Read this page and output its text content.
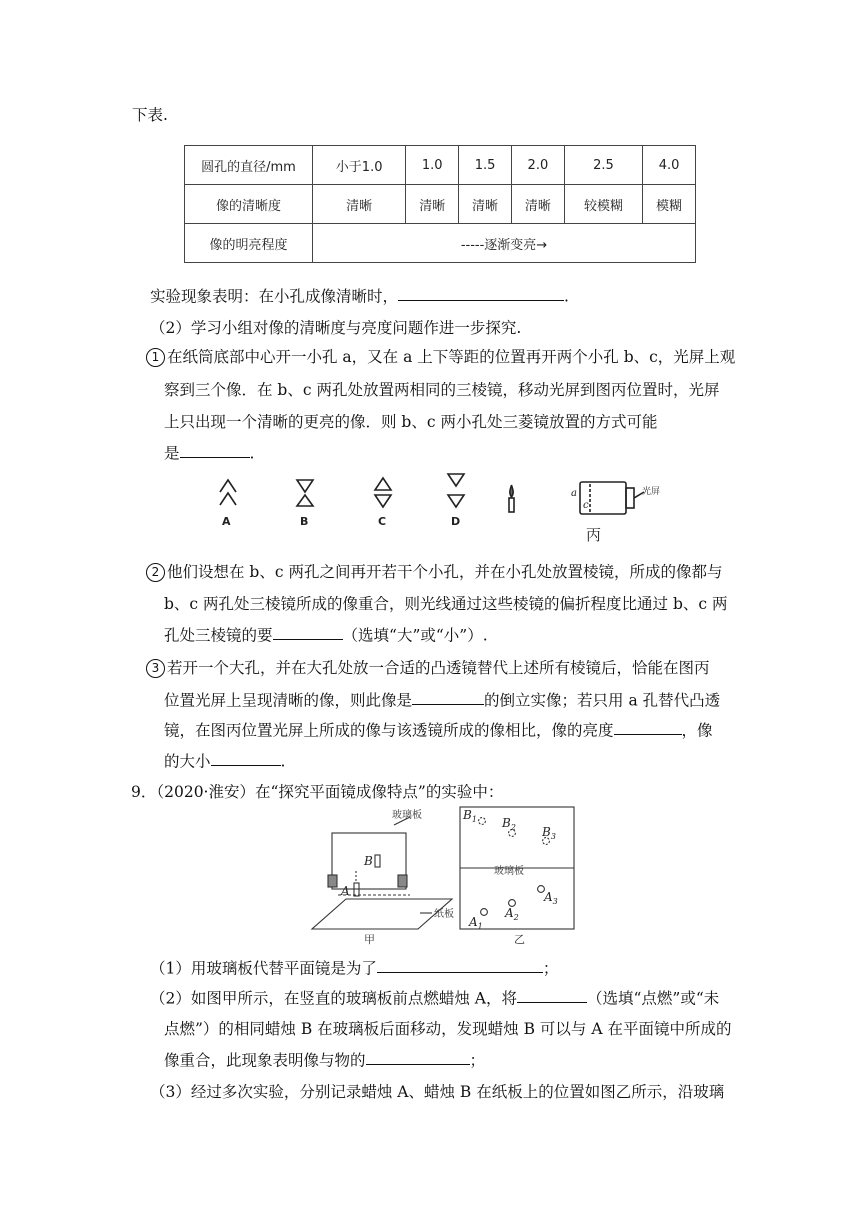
下表.
圆孔的直径/mm	小于1.0	1.0	1.5	2.0	2.5	4.0
像的清晰度	清晰	清晰	清晰	清晰	较模糊	模糊
像的明亮程度	-----逐渐变亮→					
实验现象表明：在小孔成像清晰时，	.
（2）学习小组对像的清晰度与亮度问题作进一步探究.
1 在纸筒底部中心开一小孔 a，又在 a 上下等距的位置再开两个小孔 b、c，光屏上观
察到三个像．在 b、c 两孔处放置两相同的三棱镜，移动光屏到图丙位置时，光屏
上只出现一个清晰的更亮的像．则 b、c 两小孔处三菱镜放置的方式可能
是	.
A	B	C	D
a
c
光屏
丙
2 他们设想在 b、c 两孔之间再开若干个小孔，并在小孔处放置棱镜，所成的像都与
b、c 两孔处三棱镜所成的像重合，则光线通过这些棱镜的偏折程度比通过 b、c 两
孔处三棱镜的要	（选填“大”或“小”）.
3 若开一个大孔，并在大孔处放一合适的凸透镜替代上述所有棱镜后，恰能在图丙
位置光屏上呈现清晰的像，则此像是	的倒立实像；若只用 a 孔替代凸透
镜，在图丙位置光屏上所成的像与该透镜所成的像相比，像的亮度	，像
的大小	.
9．（2020·淮安）在“探究平面镜成像特点”的实验中：
玻璃板
纸板
玻璃板
甲	乙
B
A
$B_1$ $B_2$ $B_3$
$A_1$
$A_2$
$A_3$
（1）用玻璃板代替平面镜是为了	；
（2）如图甲所示，在竖直的玻璃板前点燃蜡烛 A，将	（选填“点燃”或“未
点燃”）的相同蜡烛 B 在玻璃板后面移动，发现蜡烛 B 可以与 A 在平面镜中所成的
像重合，此现象表明像与物的	；
（3）经过多次实验，分别记录蜡烛 A、蜡烛 B 在纸板上的位置如图乙所示，沿玻璃
